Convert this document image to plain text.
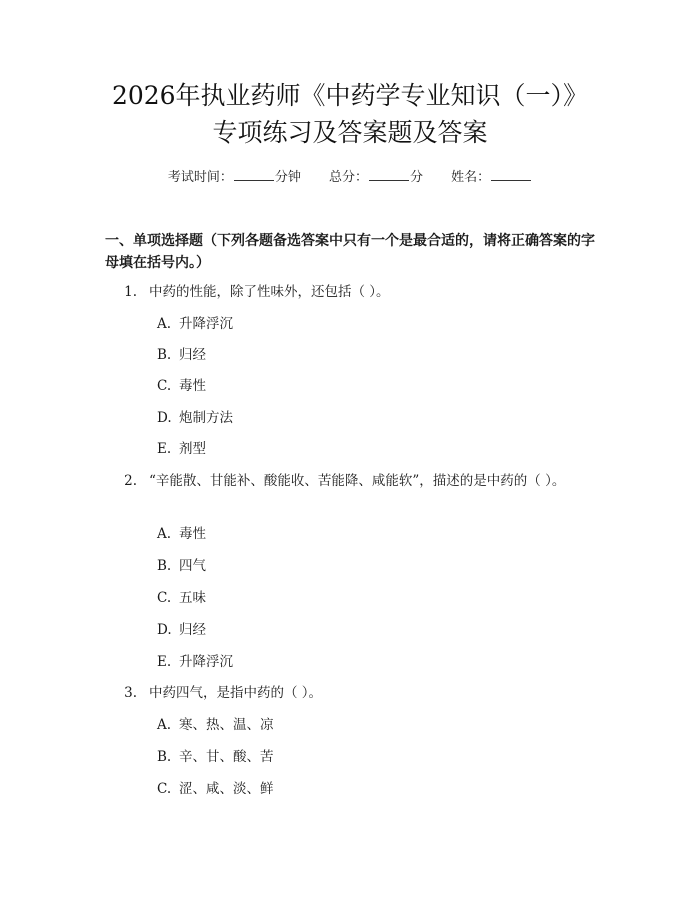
2026年执业药师《中药学专业知识（一）》
专项练习及答案题及答案
考试时间：	分钟 总分：	分 姓名：
一、单项选择题（下列各题备选答案中只有一个是最合适的，请将正确答案的字母填在括号内。）
1. 中药的性能，除了性味外，还包括（ ）。
A. 升降浮沉
B. 归经
C. 毒性
D. 炮制方法
E. 剂型
2. “辛能散、甘能补、酸能收、苦能降、咸能软”，描述的是中药的（ ）。
A. 毒性
B. 四气
C. 五味
D. 归经
E. 升降浮沉
3. 中药四气，是指中药的（ ）。
A. 寒、热、温、凉
B. 辛、甘、酸、苦
C. 涩、咸、淡、鲜
